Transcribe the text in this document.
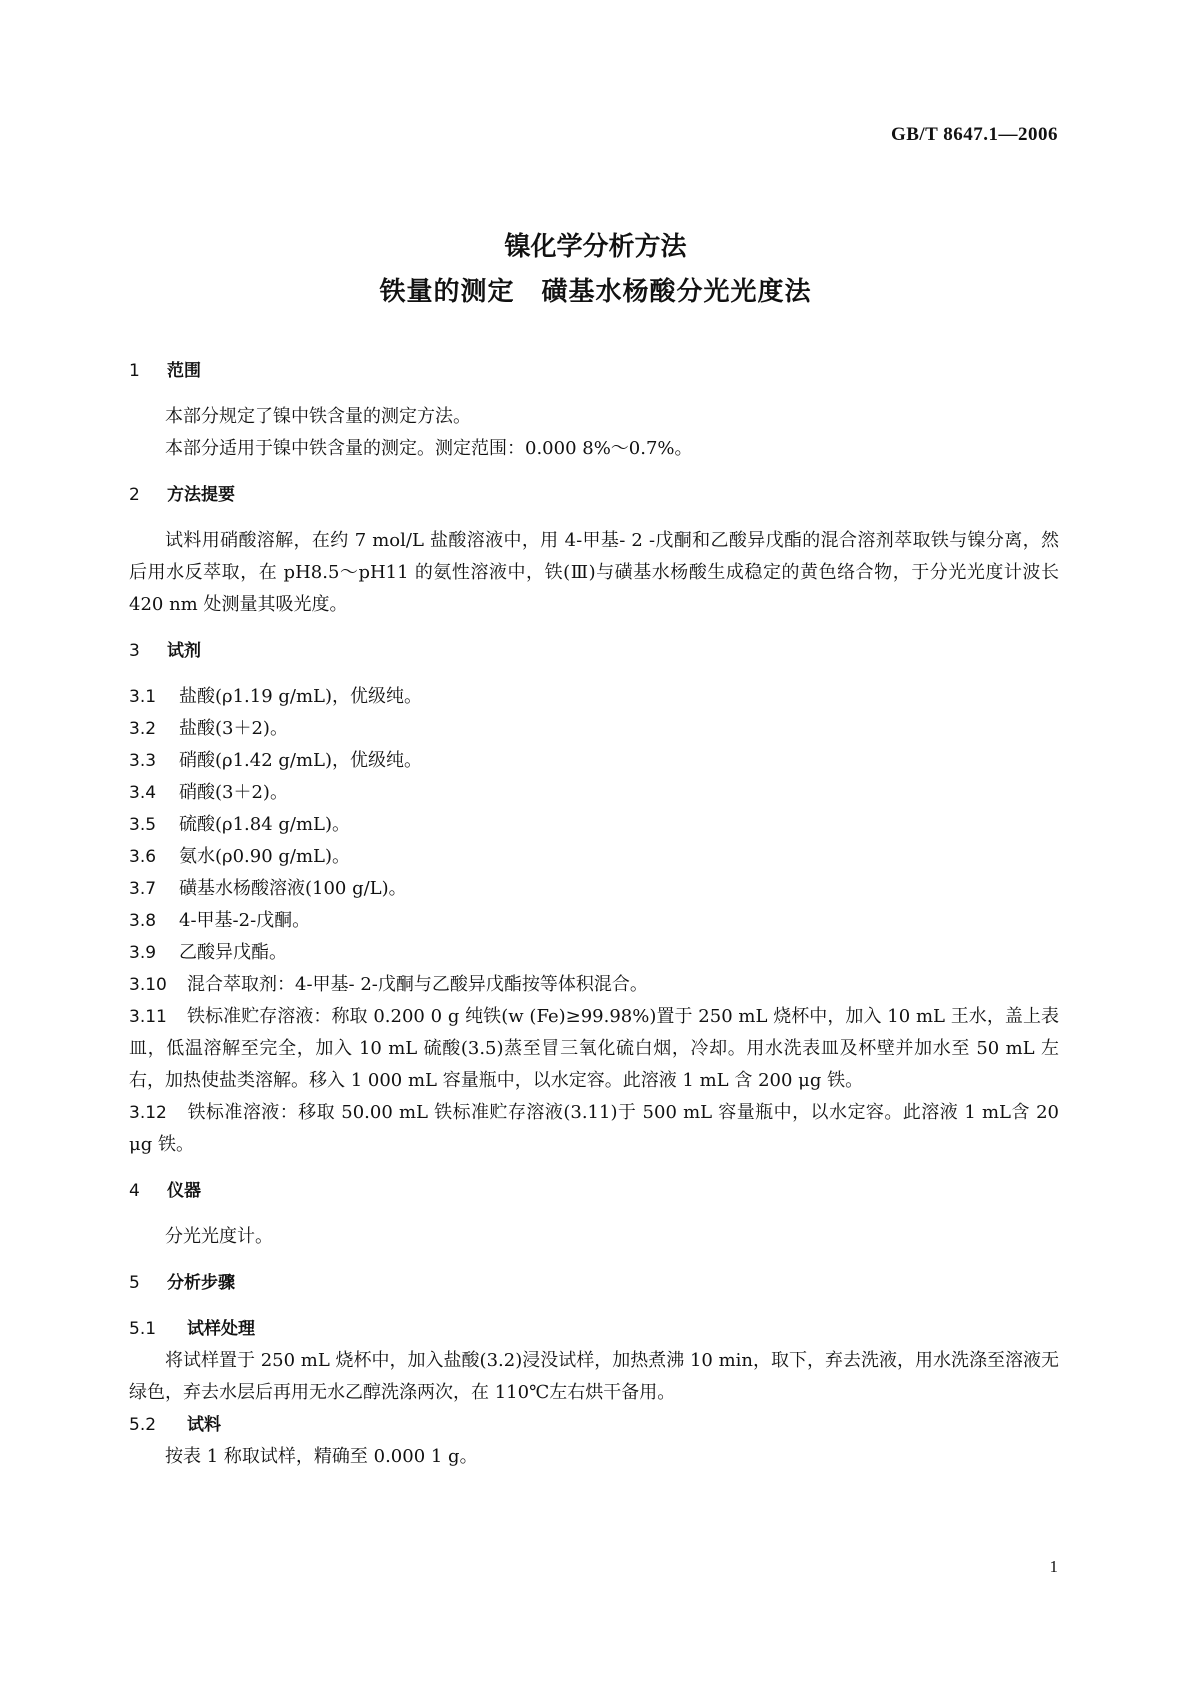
GB/T 8647.1—2006
镍化学分析方法
铁量的测定　磺基水杨酸分光光度法
1 范围

本部分规定了镍中铁含量的测定方法。

本部分适用于镍中铁含量的测定。测定范围：0.000 8%～0.7%。

2 方法提要

试料用硝酸溶解，在约 7 mol/L 盐酸溶液中，用 4-甲基- 2 -戊酮和乙酸异戊酯的混合溶剂萃取铁与镍分离，然后用水反萃取，在 pH8.5～pH11 的氨性溶液中，铁(Ⅲ)与磺基水杨酸生成稳定的黄色络合物，于分光光度计波长 420 nm 处测量其吸光度。

3 试剂

3.1 盐酸(ρ1.19 g/mL)，优级纯。

3.2 盐酸(3＋2)。

3.3 硝酸(ρ1.42 g/mL)，优级纯。

3.4 硝酸(3＋2)。

3.5 硫酸(ρ1.84 g/mL)。

3.6 氨水(ρ0.90 g/mL)。

3.7 磺基水杨酸溶液(100 g/L)。

3.8 4-甲基-2-戊酮。

3.9 乙酸异戊酯。

3.10 混合萃取剂：4-甲基- 2-戊酮与乙酸异戊酯按等体积混合。

3.11 铁标准贮存溶液：称取 0.200 0 g 纯铁(w (Fe)≥99.98%)置于 250 mL 烧杯中，加入 10 mL 王水，盖上表皿，低温溶解至完全，加入 10 mL 硫酸(3.5)蒸至冒三氧化硫白烟，冷却。用水洗表皿及杯壁并加水至 50 mL 左右，加热使盐类溶解。移入 1 000 mL 容量瓶中，以水定容。此溶液 1 mL 含 200 μg 铁。

3.12 铁标准溶液：移取 50.00 mL 铁标准贮存溶液(3.11)于 500 mL 容量瓶中，以水定容。此溶液 1 mL含 20 μg 铁。

4 仪器

分光光度计。

5 分析步骤
5.1 试样处理

将试样置于 250 mL 烧杯中，加入盐酸(3.2)浸没试样，加热煮沸 10 min，取下，弃去洗液，用水洗涤至溶液无绿色，弃去水层后再用无水乙醇洗涤两次，在 110℃左右烘干备用。

5.2 试料

按表 1 称取试样，精确至 0.000 1 g。

1
